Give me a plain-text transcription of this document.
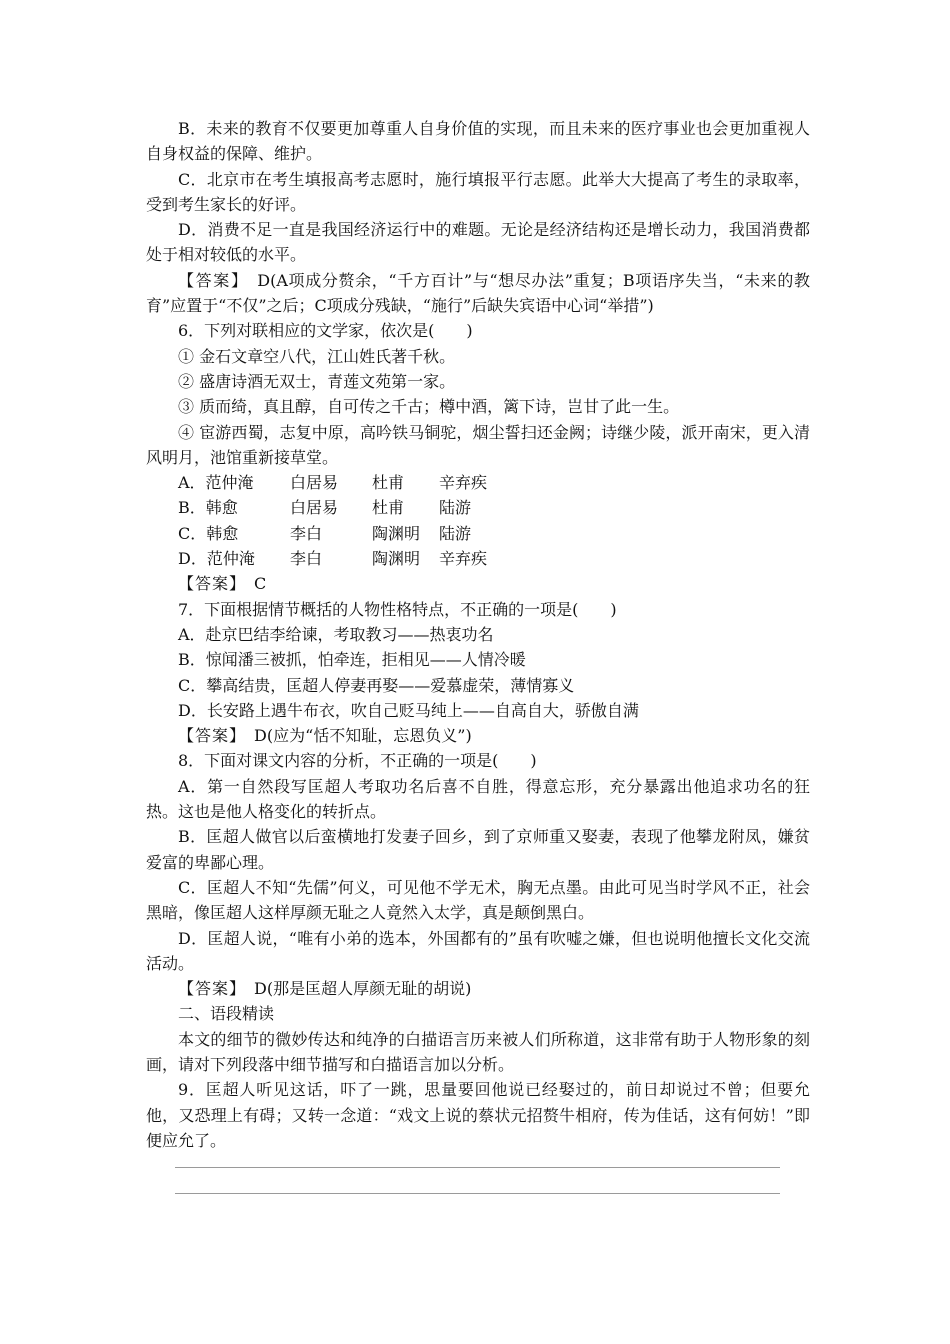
B．未来的教育不仅要更加尊重人自身价值的实现，而且未来的医疗事业也会更加重视人自身权益的保障、维护。

C．北京市在考生填报高考志愿时，施行填报平行志愿。此举大大提高了考生的录取率，受到考生家长的好评。

D．消费不足一直是我国经济运行中的难题。无论是经济结构还是增长动力，我国消费都处于相对较低的水平。

【答案】　 D(A项成分赘余，“千方百计”与“想尽办法”重复；B项语序失当，“未来的教育”应置于“不仅”之后；C项成分残缺，“施行”后缺失宾语中心词“举措”)

6．下列对联相应的文学家，依次是(　　)

① 金石文章空八代，江山姓氏著千秋。

② 盛唐诗酒无双士，青莲文苑第一家。

③ 质而绮，真且醇，自可传之千古；樽中酒，篱下诗，岂甘了此一生。

④ 宦游西蜀，志复中原，高吟铁马铜驼，烟尘誓扫还金阙；诗继少陵，派开南宋，更入清风明月，池馆重新接草堂。

A．范仲淹 白居易 杜甫 辛弃疾

B．韩愈	白居易 杜甫 陆游

C．韩愈	李白	陶渊明 陆游

D．范仲淹 李白	陶渊明 辛弃疾

【答案】　 C

7．下面根据情节概括的人物性格特点，不正确的一项是(　　)

A．赴京巴结李给谏，考取教习——热衷功名

B．惊闻潘三被抓，怕牵连，拒相见——人情冷暖

C．攀高结贵，匡超人停妻再娶——爱慕虚荣，薄情寡义

D．长安路上遇牛布衣，吹自己贬马纯上——自高自大，骄傲自满

【答案】　 D(应为“恬不知耻，忘恩负义”)

8．下面对课文内容的分析，不正确的一项是(　　)

A．第一自然段写匡超人考取功名后喜不自胜，得意忘形，充分暴露出他追求功名的狂热。这也是他人格变化的转折点。

B．匡超人做官以后蛮横地打发妻子回乡，到了京师重又娶妻，表现了他攀龙附凤，嫌贫爱富的卑鄙心理。

C．匡超人不知“先儒”何义，可见他不学无术，胸无点墨。由此可见当时学风不正，社会黑暗，像匡超人这样厚颜无耻之人竟然入太学，真是颠倒黑白。

D．匡超人说，“唯有小弟的选本，外国都有的”虽有吹嘘之嫌，但也说明他擅长文化交流活动。

【答案】　 D(那是匡超人厚颜无耻的胡说)

二、语段精读

本文的细节的微妙传达和纯净的白描语言历来被人们所称道，这非常有助于人物形象的刻画，请对下列段落中细节描写和白描语言加以分析。

9．匡超人听见这话，吓了一跳，思量要回他说已经娶过的，前日却说过不曾；但要允他，又恐理上有碍；又转一念道：“戏文上说的蔡状元招赘牛相府，传为佳话，这有何妨！”即便应允了。
